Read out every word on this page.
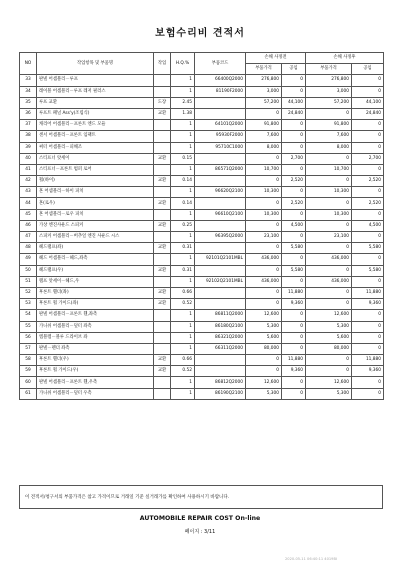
보험수리비 견적서
NO	작업항목 및 부품명	작업	H.Q.%	부품코드	손해 사정전		손해 사정후	
					부품가격	공임	부품가격	공임
33	판넬 어셈블리－루프		1	66400Q2000	276,800	0	276,800	0
34	레이블 어셈블리－루프 레저 필러스		1	81190F2000	3,000	0	3,000	0
35	루프 교환	도장	2.45		57,200	44,100	57,200	44,100
36	루프트 패널 Ass'y(조립식)	교환	1.38		0	24,840	0	24,840
37	캐리어 어셈블리－프론트 엔드 모듈		1	64101Q2000	91,800	0	91,800	0
38	센서 어셈블리－프론트 임팩트		1	95930F2000	7,600	0	7,600	0
39	써터 어셈블리－피해조		1	95710C1000	8,000	0	8,000	0
40	스티프너 앗세이	교환	0.15		0	2,700	0	2,700
41	스티프너－프론트 범퍼 로어		1	86571Q2000	10,700	0	10,700	0
42	휠(하이)	교환	0.14		0	2,520	0	2,520
43	혼 어셈블리－하이 피치		1	96620Q2100	10,300	0	10,300	0
44	혼(로우)	교환	0.14		0	2,520	0	2,520
45	혼 어셈블리－로우 피치		1	96610Q2100	10,300	0	10,300	0
46	가상 엔진사운드 스피커	교환	0.25		0	4,500	0	4,500
47	스피커 어셈블리－버추얼 엔진 사운드 시스		1	96395Q2000	23,100	0	23,100	0
48	헤드램프(좌)	교환	0.31		0	5,580	0	5,580
49	헤드 어셈블리－헤드,좌측		1	92101Q2101MBL	436,000	0	436,000	0
50	헤드램프(우)	교환	0.31		0	5,580	0	5,580
51	램프 앗세이－헤드,우		1	92102Q2101MBL	436,000	0	436,000	0
52	후론트 휀더(좌)	교환	0.66		0	11,880	0	11,880
53	후론트 휠 가이드(좌)	교환	0.52		0	9,360	0	9,360
54	판넬 어셈블리－프론트 휀,좌측		1	86811Q2000	12,600	0	12,600	0
55	가니쉬 어셈블리－덮터 좌측		1	86180Q2100	5,300	0	5,300	0
56	엠블렘－블루 드라이브 좌		1	86321Q2000	5,600	0	5,600	0
57	판넬－펜더 좌측		1	66311Q2000	80,000	0	80,000	0
58	후론트 휀더(우)	교환	0.66		0	11,880	0	11,880
59	후론트 휠 가이드(우)	교환	0.52		0	9,360	0	9,360
60	판넬 어셈블리－프론트 휀,우측		1	86812Q2000	12,600	0	12,600	0
61	가니쉬 어셈블리－덮터 우측		1	86190Q2100	5,300	0	5,300	0
이 견적서/청구서의 부품가격은 참고 가격이므로 거래일 기준 실거래가를 확인하여 사용하시기 바랍니다.
AUTOMOBILE REPAIR COST On-line
페이지 : 3/11
2020-05-11 06:40:11 4019BI
